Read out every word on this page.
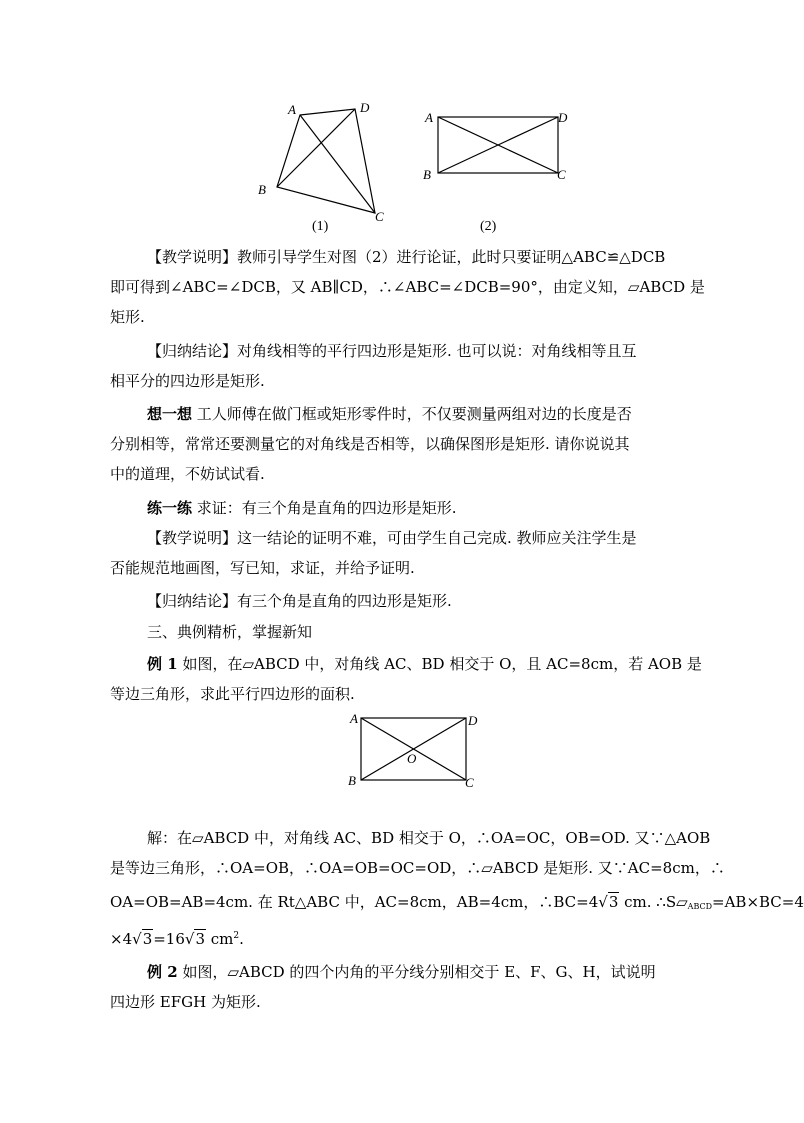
A	D
B
C
(1)
A	D
B	C
(2)
【教学说明】教师引导学生对图（2）进行论证，此时只要证明△ABC≌△DCB
即可得到∠ABC=∠DCB，又 AB∥CD，∴∠ABC=∠DCB=90°，由定义知，▱ABCD 是
矩形.
【归纳结论】对角线相等的平行四边形是矩形. 也可以说：对角线相等且互
相平分的四边形是矩形.
想一想 工人师傅在做门框或矩形零件时，不仅要测量两组对边的长度是否
分别相等，常常还要测量它的对角线是否相等，以确保图形是矩形. 请你说说其
中的道理，不妨试试看.
练一练 求证：有三个角是直角的四边形是矩形.
【教学说明】这一结论的证明不难，可由学生自己完成. 教师应关注学生是
否能规范地画图，写已知，求证，并给予证明.
【归纳结论】有三个角是直角的四边形是矩形.
三、典例精析，掌握新知
例 1 如图，在▱ABCD 中，对角线 AC、BD 相交于 O，且 AC=8cm，若 AOB 是
等边三角形，求此平行四边形的面积.
A	D
B	C
O
解：在▱ABCD 中，对角线 AC、BD 相交于 O，∴OA=OC，OB=OD. 又∵△AOB
是等边三角形，∴OA=OB，∴OA=OB=OC=OD，∴▱ABCD 是矩形. 又∵AC=8cm，∴
OA=OB=AB=4cm. 在 Rt△ABC 中，AC=8cm，AB=4cm，∴BC=4√3 cm. $\therefore S▱_{ABCD}=AB\times BC=4$
×4√3=16√3 $cm^2$.
例 2 如图，▱ABCD 的四个内角的平分线分别相交于 E、F、G、H，试说明
四边形 EFGH 为矩形.
